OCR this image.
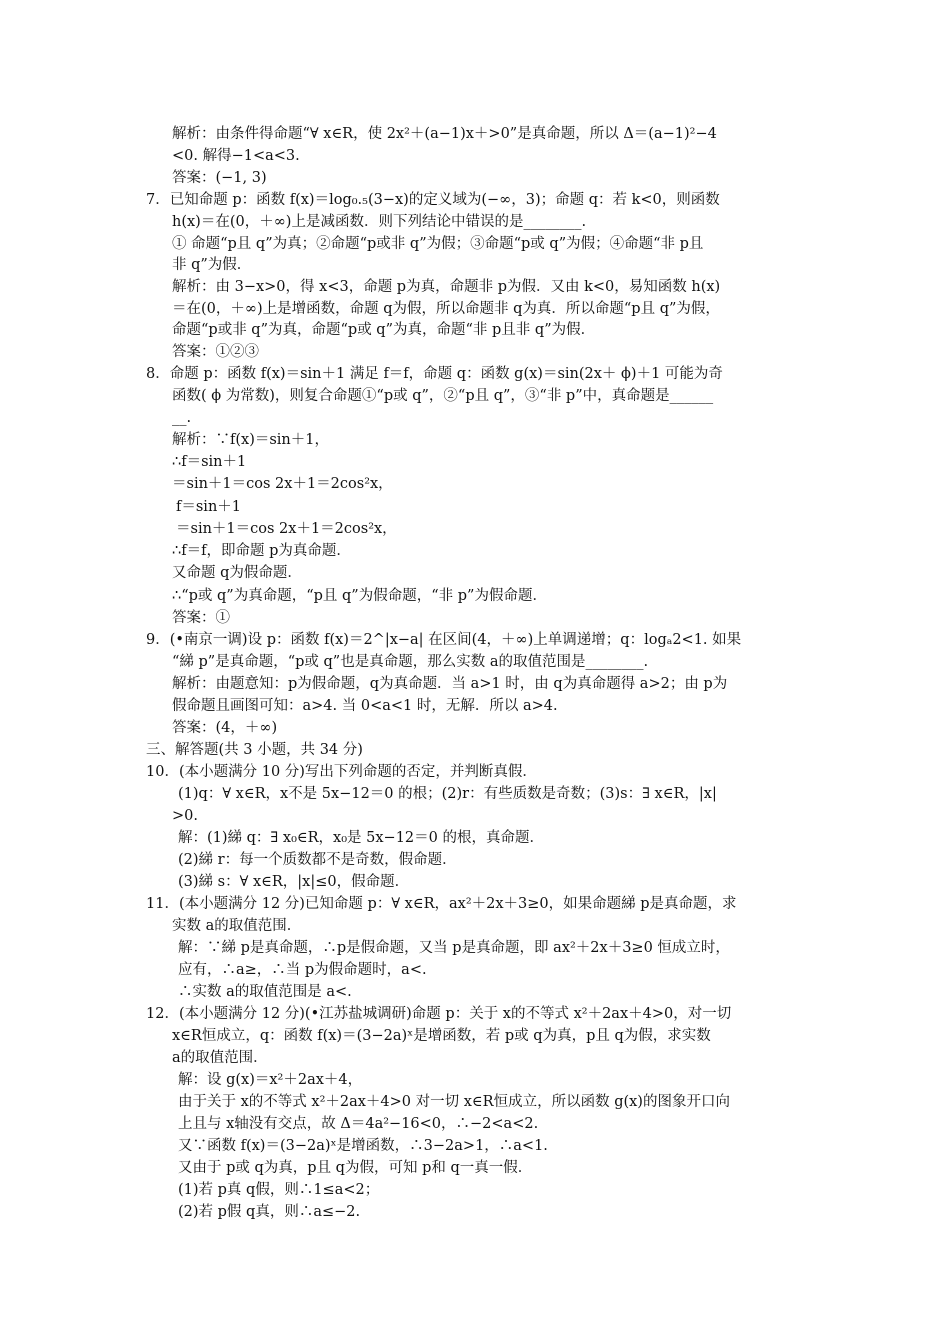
解析：由条件得命题“∀ x∈R，使 2x²＋(a−1)x＋>0”是真命题，所以 Δ＝(a−1)²−4
<0. 解得−1<a<3.
答案：(−1, 3)
7．已知命题 p：函数 f(x)＝log₀.₅(3−x)的定义域为(−∞，3)；命题 q：若 k<0，则函数
h(x)＝在(0，＋∞)上是减函数．则下列结论中错误的是________.
① 命题“p且 q”为真；②命题“p或非 q”为假；③命题“p或 q”为假；④命题“非 p且
非 q”为假．
解析：由 3−x>0，得 x<3，命题 p为真，命题非 p为假．又由 k<0，易知函数 h(x)
＝在(0，＋∞)上是增函数，命题 q为假，所以命题非 q为真．所以命题“p且 q”为假，
命题“p或非 q”为真，命题“p或 q”为真，命题“非 p且非 q”为假．
答案：①②③
8．命题 p：函数 f(x)＝sin＋1 满足 f＝f，命题 q：函数 g(x)＝sin(2x＋ ϕ)＋1 可能为奇
函数( ϕ 为常数)，则复合命题①“p或 q”，②“p且 q”，③“非 p”中，真命题是______
__.
解析：∵f(x)＝sin＋1，
∴f＝sin＋1
＝sin＋1＝cos 2x＋1＝2cos²x，
f＝sin＋1
＝sin＋1＝cos 2x＋1＝2cos²x，
∴f＝f，即命题 p为真命题．
又命题 q为假命题．
∴“p或 q”为真命题，“p且 q”为假命题，“非 p”为假命题．
答案：①
9．(•南京一调)设 p：函数 f(x)＝2^|x−a| 在区间(4，＋∞)上单调递增；q：logₐ2<1. 如果
“綈 p”是真命题，“p或 q”也是真命题，那么实数 a的取值范围是________.
解析：由题意知：p为假命题，q为真命题．当 a>1 时，由 q为真命题得 a>2；由 p为
假命题且画图可知：a>4. 当 0<a<1 时，无解．所以 a>4.
答案：(4，＋∞)
三、解答题(共 3 小题，共 34 分)
10．(本小题满分 10 分)写出下列命题的否定，并判断真假．
(1)q：∀ x∈R，x不是 5x−12＝0 的根；(2)r：有些质数是奇数；(3)s：∃ x∈R，|x|
>0.
解：(1)綈 q：∃ x₀∈R，x₀是 5x−12＝0 的根，真命题．
(2)綈 r：每一个质数都不是奇数，假命题．
(3)綈 s：∀ x∈R，|x|≤0，假命题．
11．(本小题满分 12 分)已知命题 p：∀ x∈R，ax²＋2x＋3≥0，如果命题綈 p是真命题，求
实数 a的取值范围．
解：∵綈 p是真命题，∴p是假命题，又当 p是真命题，即 ax²＋2x＋3≥0 恒成立时，
应有，∴a≥，∴当 p为假命题时，a<.
∴实数 a的取值范围是 a<.
12．(本小题满分 12 分)(•江苏盐城调研)命题 p：关于 x的不等式 x²＋2ax＋4>0，对一切
x∈R恒成立，q：函数 f(x)＝(3−2a)ˣ是增函数，若 p或 q为真，p且 q为假，求实数
a的取值范围．
解：设 g(x)＝x²＋2ax＋4，
由于关于 x的不等式 x²＋2ax＋4>0 对一切 x∈R恒成立，所以函数 g(x)的图象开口向
上且与 x轴没有交点，故 Δ＝4a²−16<0，∴−2<a<2.
又∵函数 f(x)＝(3−2a)ˣ是增函数，∴3−2a>1，∴a<1.
又由于 p或 q为真，p且 q为假，可知 p和 q一真一假．
(1)若 p真 q假，则∴1≤a<2；
(2)若 p假 q真，则∴a≤−2.
